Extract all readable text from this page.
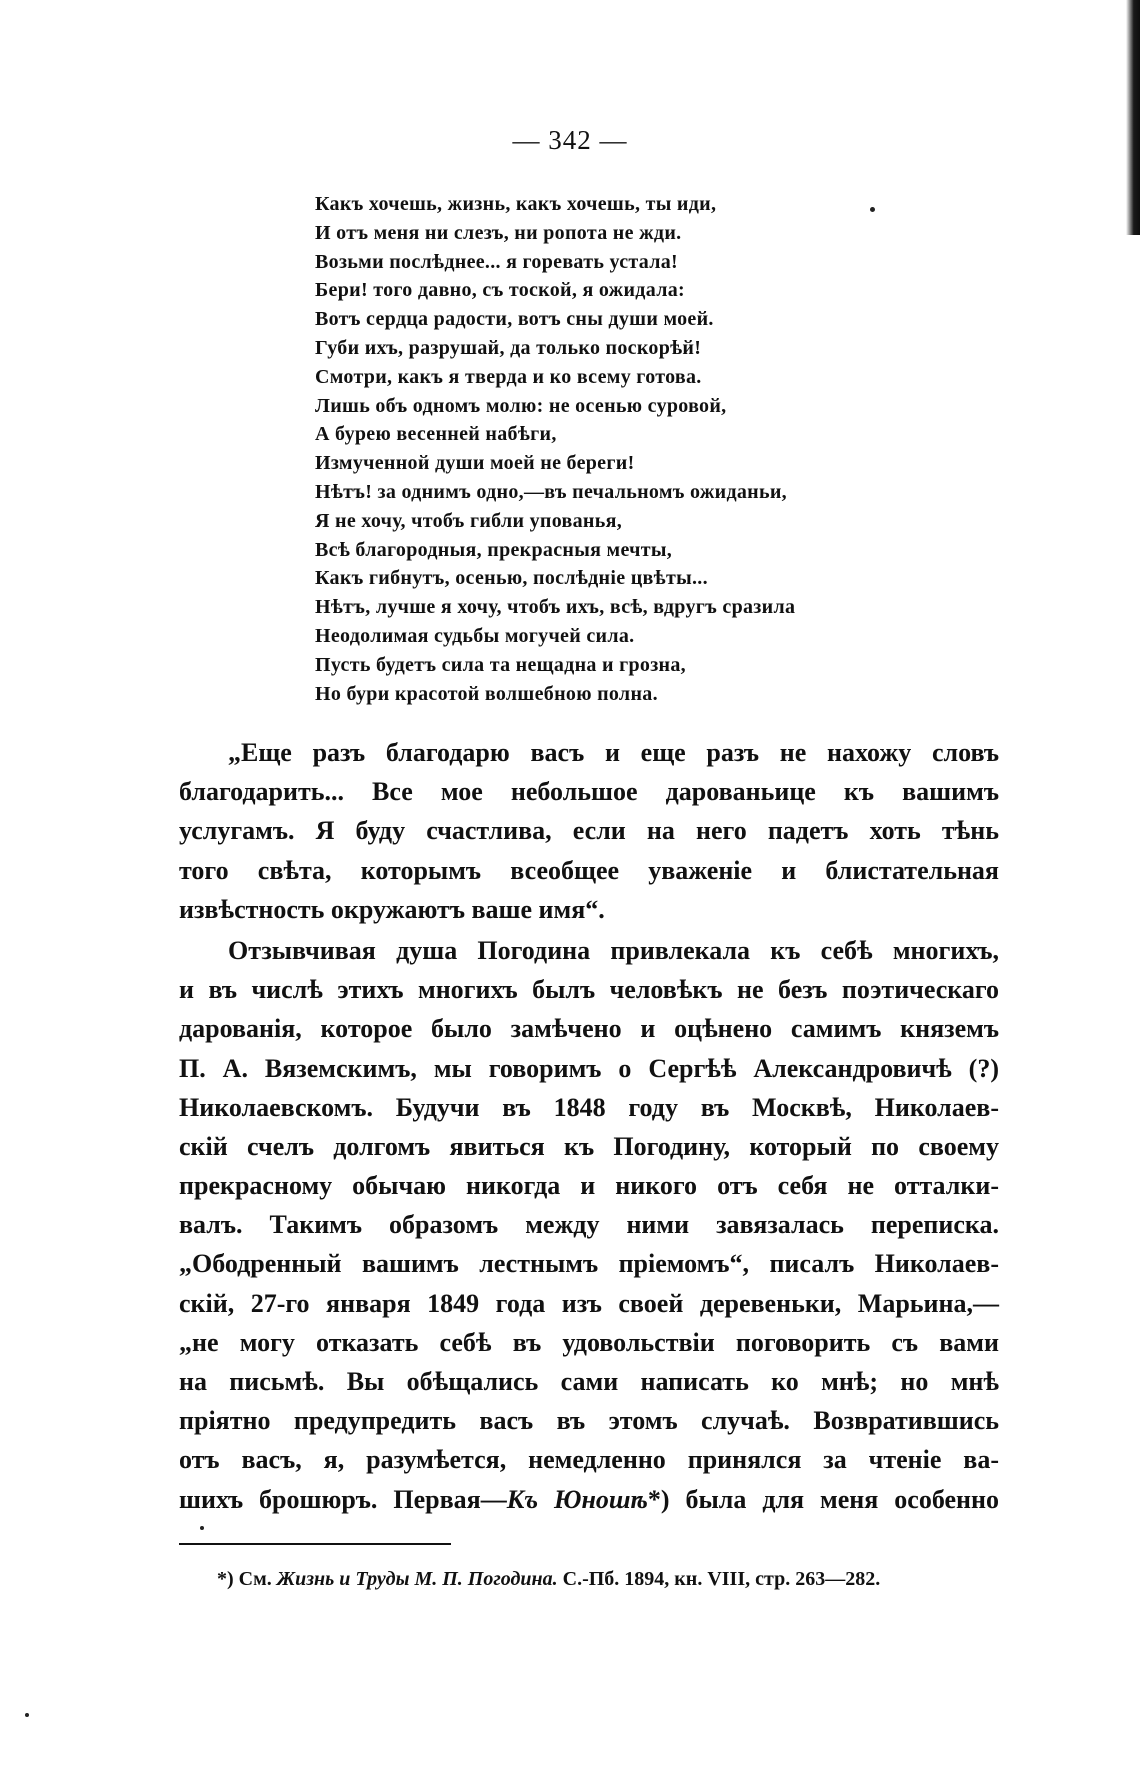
— 342 —
Какъ хочешь, жизнь, какъ хочешь, ты иди,
И отъ меня ни слезъ, ни ропота не жди.
Возьми послѣднее... я горевать устала!
Бери! того давно, съ тоской, я ожидала:
Вотъ сердца радости, вотъ сны души моей.
Губи ихъ, разрушай, да только поскорѣй!
Смотри, какъ я тверда и ко всему готова.
Лишь объ одномъ молю: не осенью суровой,
А бурею весенней набѣги,
Измученной души моей не береги!
Нѣтъ! за однимъ одно,—въ печальномъ ожиданьи,
Я не хочу, чтобъ гибли упованья,
Всѣ благородныя, прекрасныя мечты,
Какъ гибнутъ, осенью, послѣдніе цвѣты...
Нѣтъ, лучше я хочу, чтобъ ихъ, всѣ, вдругъ сразила
Неодолимая судьбы могучей сила.
Пусть будетъ сила та нещадна и грозна,
Но бури красотой волшебною полна.
„Еще разъ благодарю васъ и еще разъ не нахожу словъ
благодарить... Все мое небольшое дарованьице къ вашимъ
услугамъ. Я буду счастлива, если на него падетъ хоть тѣнь
того свѣта, которымъ всеобщее уваженіе и блистательная
извѣстность окружаютъ ваше имя“.
Отзывчивая душа Погодина привлекала къ себѣ многихъ,
и въ числѣ этихъ многихъ былъ человѣкъ не безъ поэтическаго
дарованія, которое было замѣчено и оцѣнено самимъ княземъ
П. А. Вяземскимъ, мы говоримъ о Сергѣѣ Александровичѣ (?)
Николаевскомъ. Будучи въ 1848 году въ Москвѣ, Николаев-
скій счелъ долгомъ явиться къ Погодину, который по своему
прекрасному обычаю никогда и никого отъ себя не отталки-
валъ. Такимъ образомъ между ними завязалась переписка.
„Ободренный вашимъ лестнымъ пріемомъ“, писалъ Николаев-
скій, 27-го января 1849 года изъ своей деревеньки, Марьина,—
„не могу отказать себѣ въ удовольствіи поговорить съ вами
на письмѣ. Вы обѣщались сами написать ко мнѣ; но мнѣ
пріятно предупредить васъ въ этомъ случаѣ. Возвратившись
отъ васъ, я, разумѣется, немедленно принялся за чтеніе ва-
шихъ брошюръ. Первая—Къ Юношѣ*) была для меня особенно
*) См. Жизнь и Труды М. П. Погодина. С.-Пб. 1894, кн. VIII, стр. 263—282.
